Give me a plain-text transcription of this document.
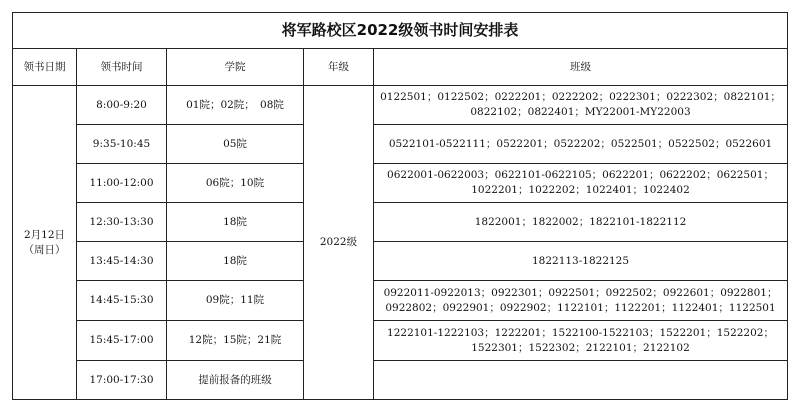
将军路校区2022级领书时间安排表				
领书日期	领书时间	学院	年级	班级

2月12日
（周日）	8:00-9:20	01院；02院；　08院	2022级	0122501；0122502；0222201；0222202；0222301；0222302；0822101；
0822102；0822401；MY22001-MY22003

	9:35-10:45	05院		0522101-0522111；0522201；0522202；0522501；0522502；0522601

	11:00-12:00	06院；10院		0622001-0622003；0622101-0622105；0622201；0622202；0622501；
1022201；1022202；1022401；1022402

	12:30-13:30	18院		1822001；1822002；1822101-1822112

	13:45-14:30	18院		1822113-1822125

	14:45-15:30	09院；11院		0922011-0922013；0922301；0922501；0922502；0922601；0922801；
0922802；0922901；0922902；1122101；1122201；1122401；1122501

	15:45-17:00	12院；15院；21院		1222101-1222103；1222201；1522100-1522103；1522201；1522202；
1522301；1522302；2122101；2122102

	17:00-17:30	提前报备的班级		
